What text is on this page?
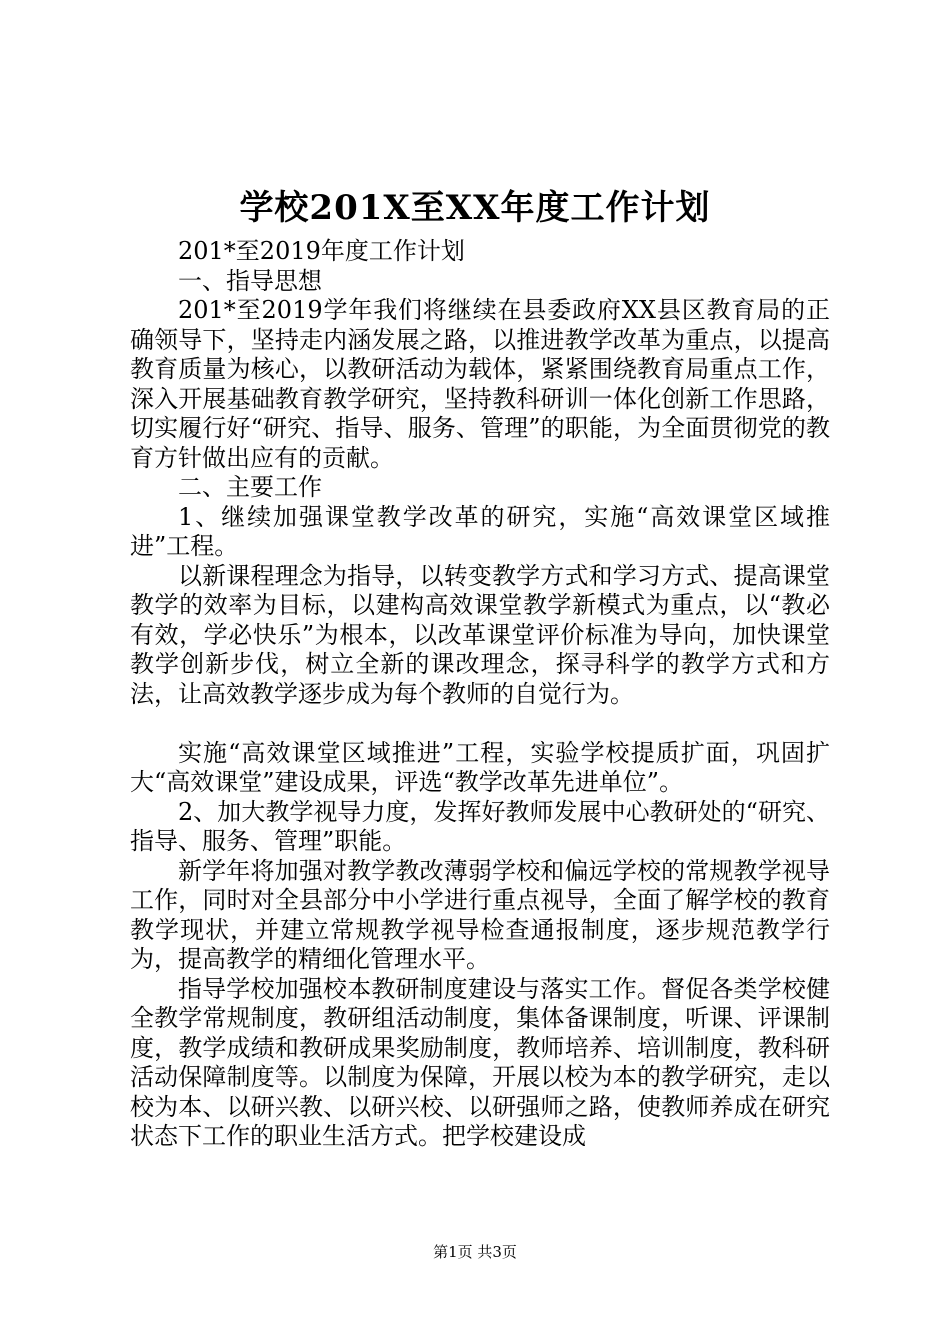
学校201X至XX年度工作计划

201*至2019年度工作计划

一、指导思想

201*至2019学年我们将继续在县委政府XX县区教育局的正确领导下，坚持走内涵发展之路，以推进教学改革为重点，以提高教育质量为核心，以教研活动为载体，紧紧围绕教育局重点工作，深入开展基础教育教学研究，坚持教科研训一体化创新工作思路，切实履行好“研究、指导、服务、管理”的职能，为全面贯彻党的教育方针做出应有的贡献。

二、主要工作

1、继续加强课堂教学改革的研究，实施“高效课堂区域推进”工程。

以新课程理念为指导，以转变教学方式和学习方式、提高课堂教学的效率为目标，以建构高效课堂教学新模式为重点，以“教必有效，学必快乐”为根本，以改革课堂评价标准为导向，加快课堂教学创新步伐，树立全新的课改理念，探寻科学的教学方式和方法，让高效教学逐步成为每个教师的自觉行为。

实施“高效课堂区域推进”工程，实验学校提质扩面，巩固扩大“高效课堂”建设成果，评选“教学改革先进单位”。

2、加大教学视导力度，发挥好教师发展中心教研处的“研究、指导、服务、管理”职能。

新学年将加强对教学教改薄弱学校和偏远学校的常规教学视导工作，同时对全县部分中小学进行重点视导，全面了解学校的教育教学现状，并建立常规教学视导检查通报制度，逐步规范教学行为，提高教学的精细化管理水平。

指导学校加强校本教研制度建设与落实工作。督促各类学校健全教学常规制度，教研组活动制度，集体备课制度，听课、评课制度，教学成绩和教研成果奖励制度，教师培养、培训制度，教科研活动保障制度等。以制度为保障，开展以校为本的教学研究，走以校为本、以研兴教、以研兴校、以研强师之路，使教师养成在研究状态下工作的职业生活方式。把学校建设成

第1页 共3页
